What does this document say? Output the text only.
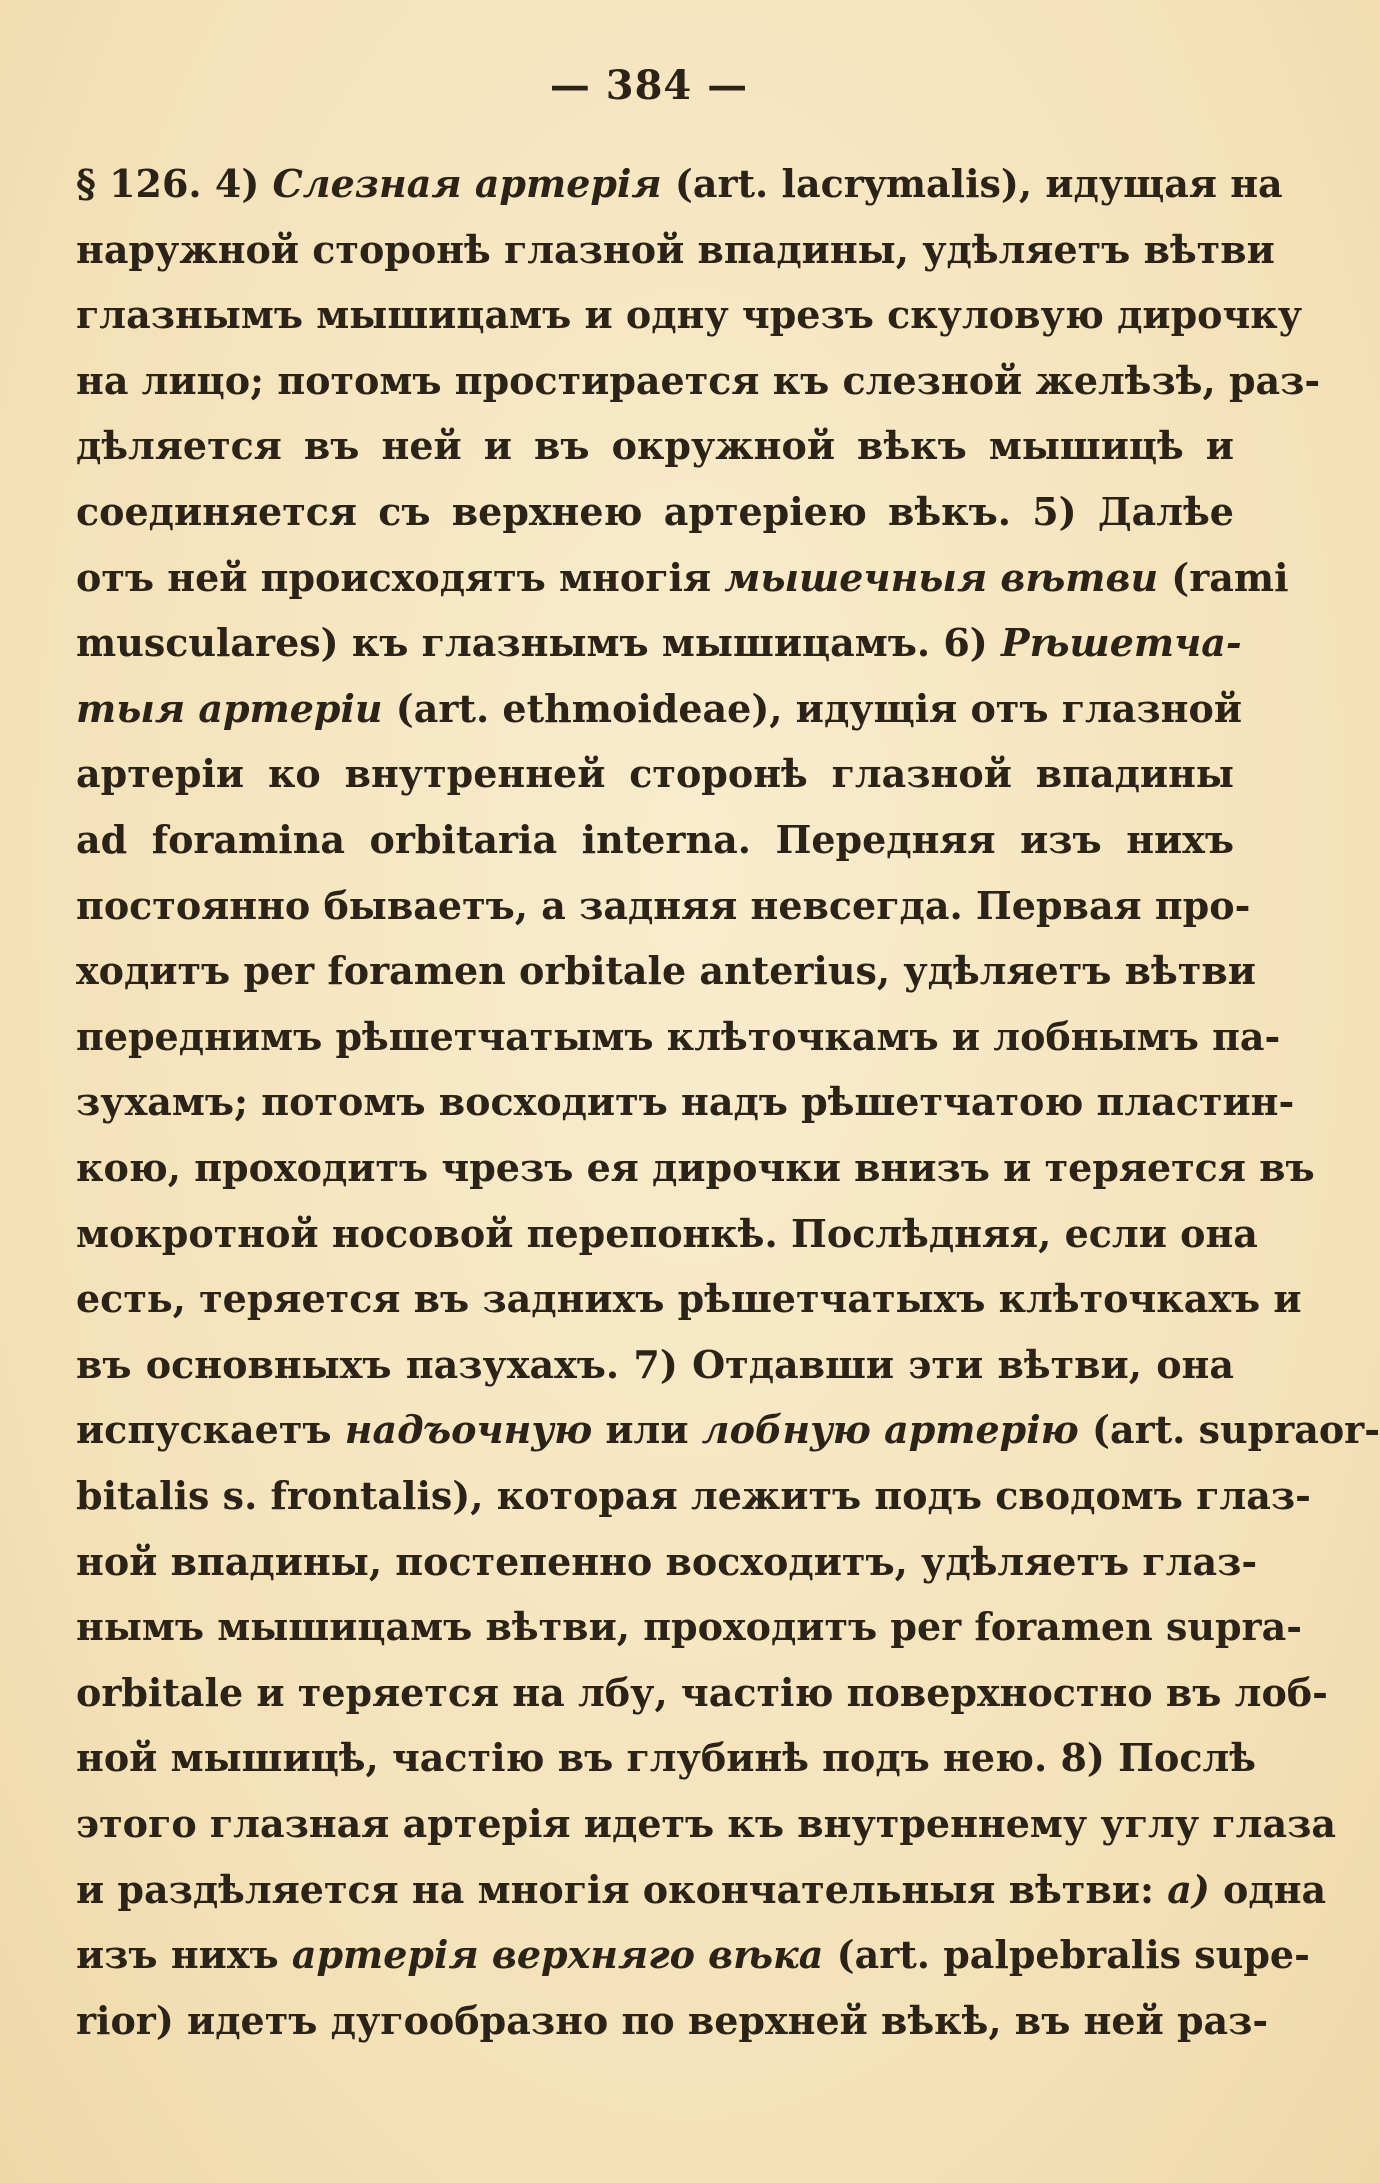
— 384 —
§ 126. 4) Слезная артерія (art. lacrymalis), идущая на
наружной сторонѣ глазной впадины, удѣляетъ вѣтви
глазнымъ мышицамъ и одну чрезъ скуловую дирочку
на лицо; потомъ простирается къ слезной желѣзѣ, раз-
дѣляется въ ней и въ окружной вѣкъ мышицѣ и
соединяется съ верхнею артеріею вѣкъ. 5) Далѣе
отъ ней происходятъ многія мышечныя вѣтви (rami
musculares) къ глазнымъ мышицамъ. 6) Рѣшетча-
тыя артеріи (art. ethmoideae), идущія отъ глазной
артеріи ко внутренней сторонѣ глазной впадины
ad foramina orbitaria interna. Передняя изъ нихъ
постоянно бываетъ, а задняя невсегда. Первая про-
ходитъ per foramen orbitale anterius, удѣляетъ вѣтви
переднимъ рѣшетчатымъ клѣточкамъ и лобнымъ па-
зухамъ; потомъ восходитъ надъ рѣшетчатою пластин-
кою, проходитъ чрезъ ея дирочки внизъ и теряется въ
мокротной носовой перепонкѣ. Послѣдняя, если она
есть, теряется въ заднихъ рѣшетчатыхъ клѣточкахъ и
въ основныхъ пазухахъ. 7) Отдавши эти вѣтви, она
испускаетъ надъочную или лобную артерію (art. supraor-
bitalis s. frontalis), которая лежитъ подъ сводомъ глаз-
ной впадины, постепенно восходитъ, удѣляетъ глаз-
нымъ мышицамъ вѣтви, проходитъ per foramen supra-
orbitale и теряется на лбу, частію поверхностно въ лоб-
ной мышицѣ, частію въ глубинѣ подъ нею. 8) Послѣ
этого глазная артерія идетъ къ внутреннему углу глаза
и раздѣляется на многія окончательныя вѣтви: a) одна
изъ нихъ артерія верхняго вѣка (art. palpebralis supe-
rior) идетъ дугообразно по верхней вѣкѣ, въ ней раз-
